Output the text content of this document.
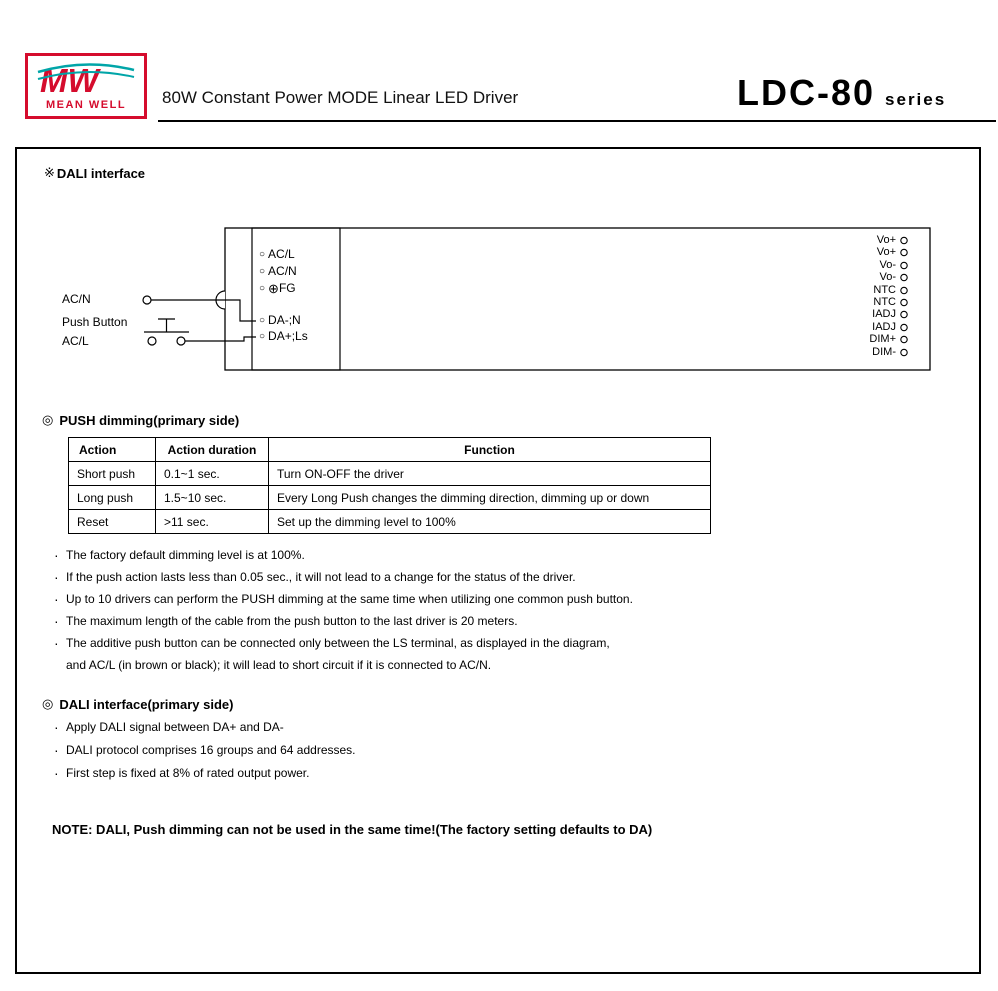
MW
MEAN WELL 80W Constant Power MODE Linear LED Driver	LDC-80 series
※ DALI interface
AC/N
Push Button
AC/L
○ AC/L
○ AC/N
○ ⊕ FG
○ DA-;N
○ DA+;Ls
Vo+
Vo+
Vo-
Vo-
NTC
NTC
IADJ
IADJ
DIM+
DIM-
◎ PUSH dimming(primary side)
Action	Action duration	Function
Short push	0.1~1 sec.	Turn ON-OFF the driver
Long push	1.5~10 sec.	Every Long Push changes the dimming direction, dimming up or down
Reset	>11 sec.	Set up the dimming level to 100%
· The factory default dimming level is at 100%.
· If the push action lasts less than 0.05 sec., it will not lead to a change for the status of the driver.
· Up to 10 drivers can perform the PUSH dimming at the same time when utilizing one common push button.
· The maximum length of the cable from the push button to the last driver is 20 meters.
· The additive push button can be connected only between the LS terminal, as displayed in the diagram,
and AC/L (in brown or black); it will lead to short circuit if it is connected to AC/N.
◎ DALI interface(primary side)
· Apply DALI signal between DA+ and DA-
· DALI protocol comprises 16 groups and 64 addresses.
· First step is fixed at 8% of rated output power.
NOTE: DALI, Push dimming can not be used in the same time!(The factory setting defaults to DA)
